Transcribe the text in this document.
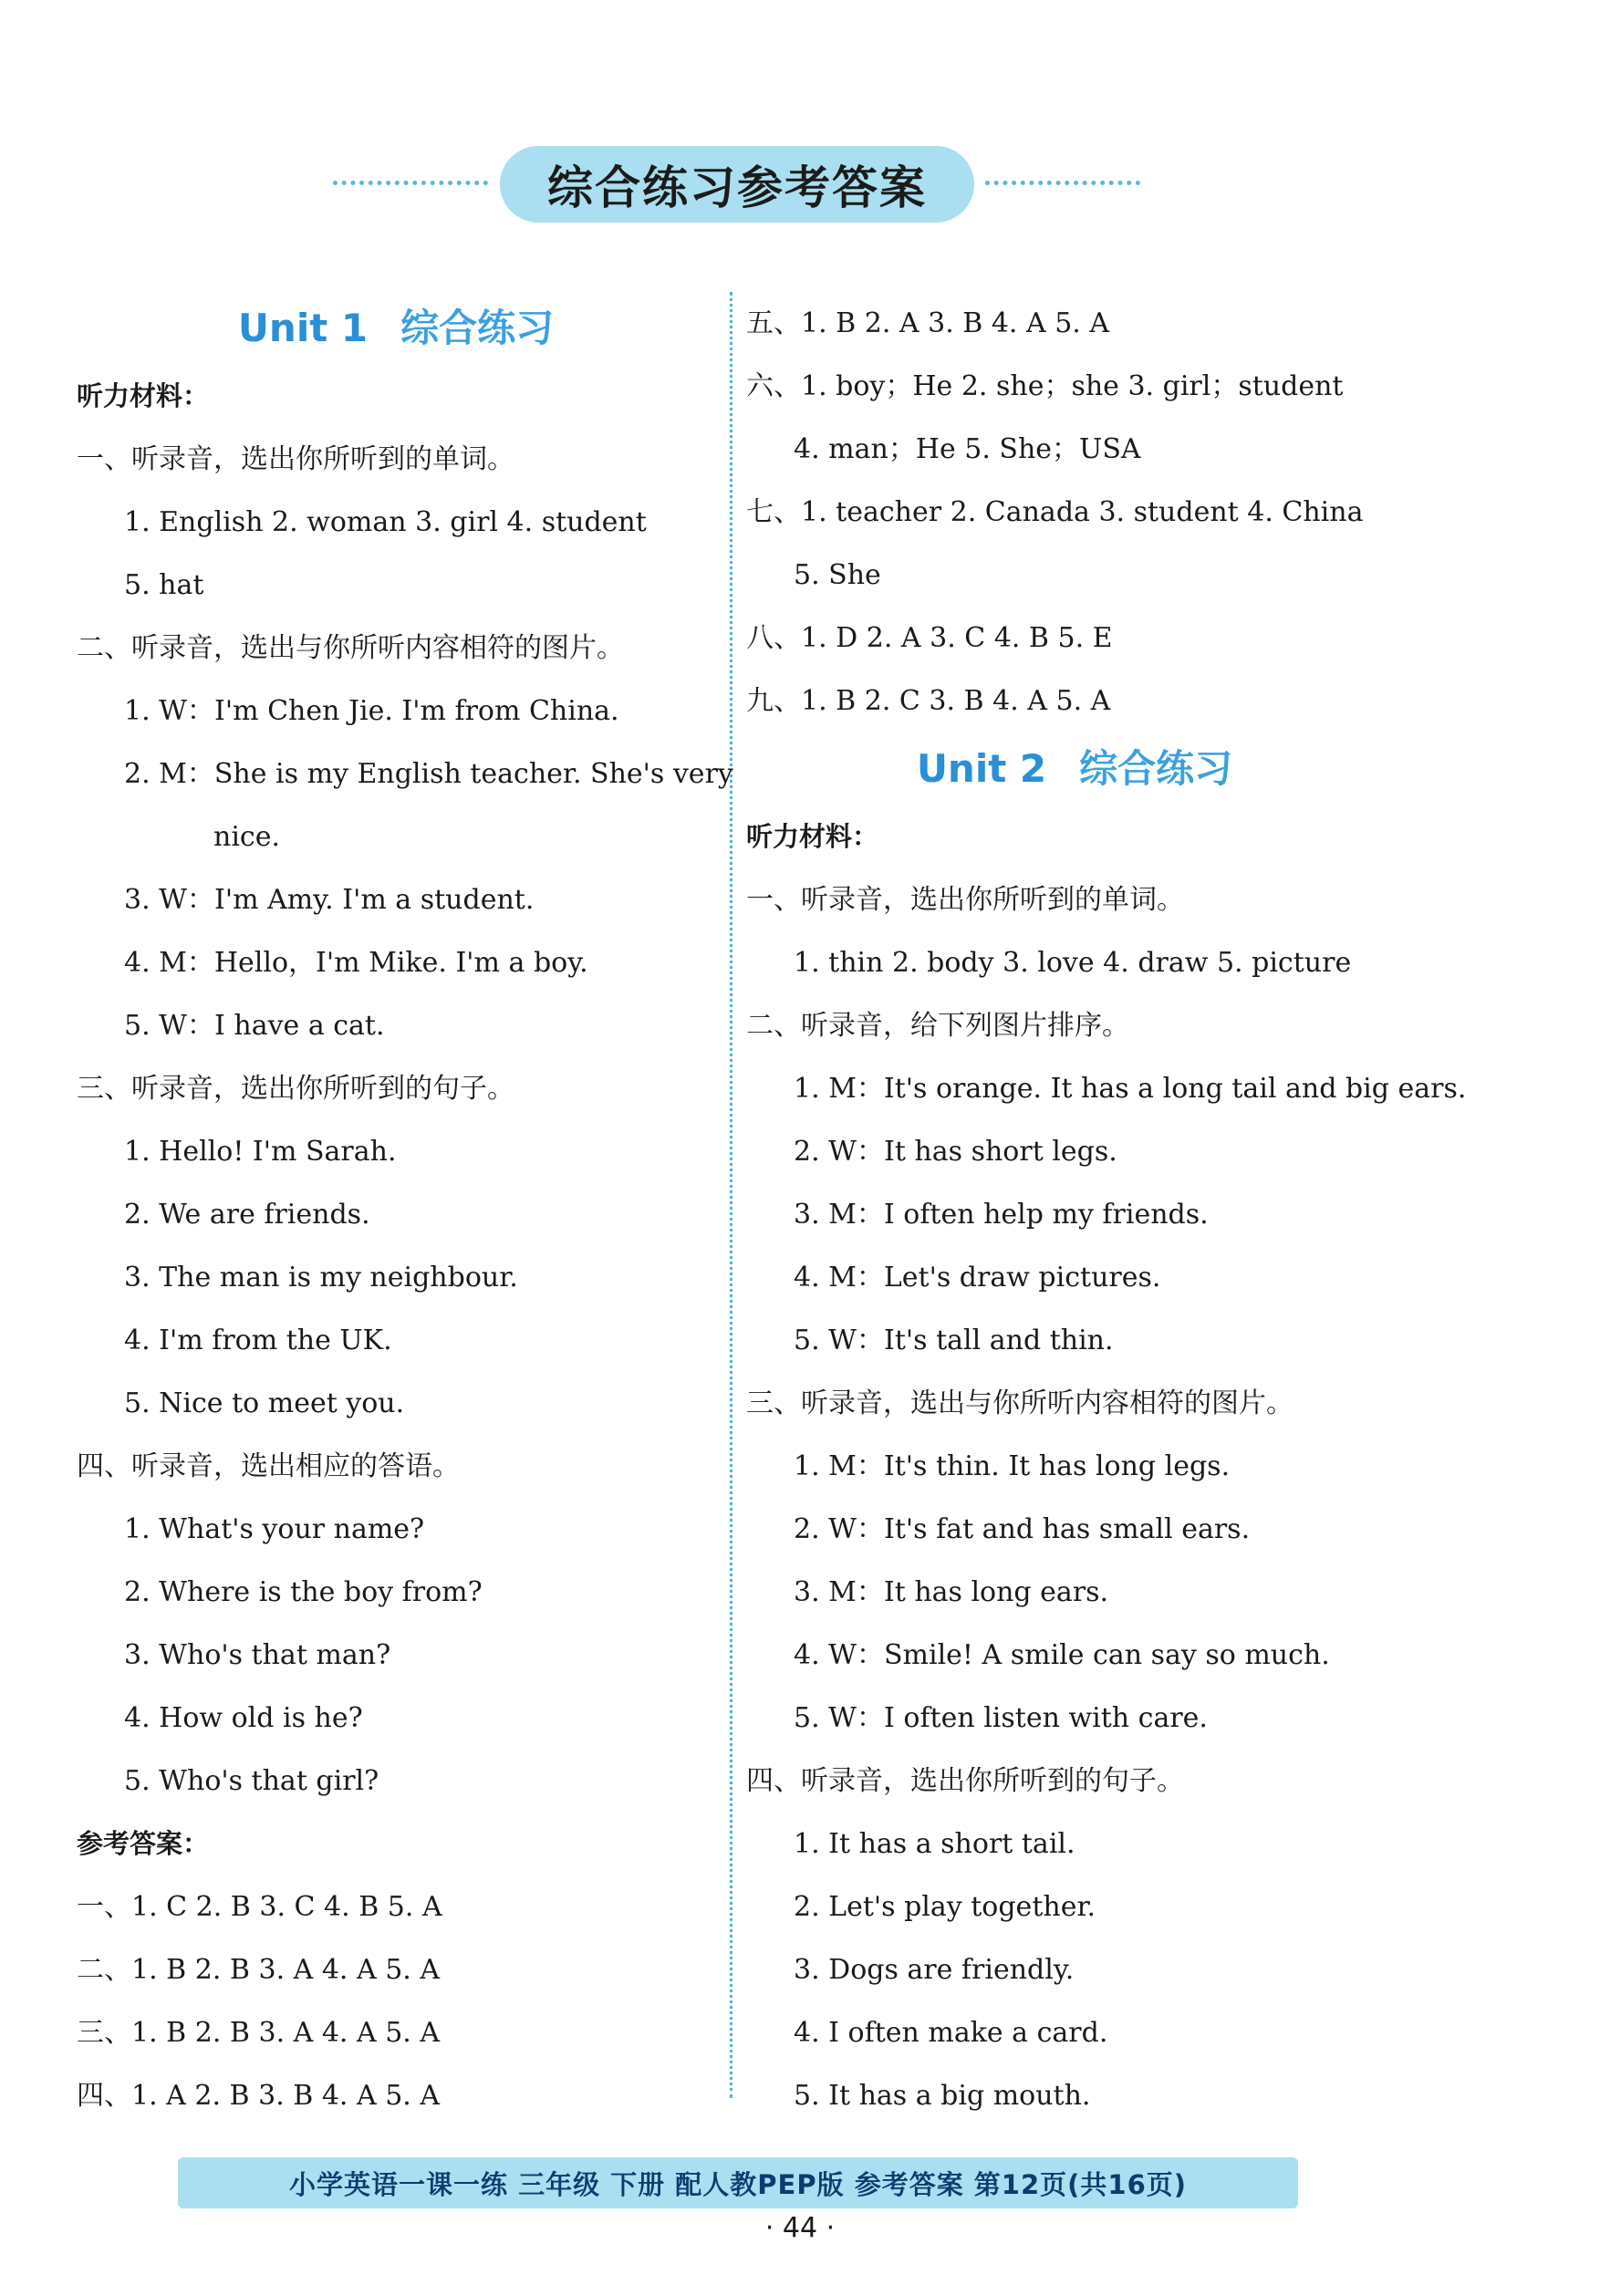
综合练习参考答案
Unit 1 综合练习
听力材料：
一、听录音，选出你所听到的单词。
1. English 2. woman 3. girl 4. student
5. hat
二、听录音，选出与你所听内容相符的图片。
1. W：I'm Chen Jie. I'm from China.
2. M：She is my English teacher. She's very
nice.
3. W：I'm Amy. I'm a student.
4. M：Hello，I'm Mike. I'm a boy.
5. W：I have a cat.
三、听录音，选出你所听到的句子。
1. Hello! I'm Sarah.
2. We are friends.
3. The man is my neighbour.
4. I'm from the UK.
5. Nice to meet you.
四、听录音，选出相应的答语。
1. What's your name?
2. Where is the boy from?
3. Who's that man?
4. How old is he?
5. Who's that girl?
参考答案：
一、1. C 2. B 3. C 4. B 5. A
二、1. B 2. B 3. A 4. A 5. A
三、1. B 2. B 3. A 4. A 5. A
四、1. A 2. B 3. B 4. A 5. A
五、1. B 2. A 3. B 4. A 5. A
六、1. boy；He 2. she；she 3. girl；student
4. man；He 5. She；USA
七、1. teacher 2. Canada 3. student 4. China
5. She
八、1. D 2. A 3. C 4. B 5. E
九、1. B 2. C 3. B 4. A 5. A
Unit 2 综合练习
听力材料：
一、听录音，选出你所听到的单词。
1. thin 2. body 3. love 4. draw 5. picture
二、听录音，给下列图片排序。
1. M：It's orange. It has a long tail and big ears.
2. W：It has short legs.
3. M：I often help my friends.
4. M：Let's draw pictures.
5. W：It's tall and thin.
三、听录音，选出与你所听内容相符的图片。
1. M：It's thin. It has long legs.
2. W：It's fat and has small ears.
3. M：It has long ears.
4. W：Smile! A smile can say so much.
5. W：I often listen with care.
四、听录音，选出你所听到的句子。
1. It has a short tail.
2. Let's play together.
3. Dogs are friendly.
4. I often make a card.
5. It has a big mouth.
小学英语一课一练 三年级 下册 配人教PEP版 参考答案 第12页(共16页)
· 44 ·
